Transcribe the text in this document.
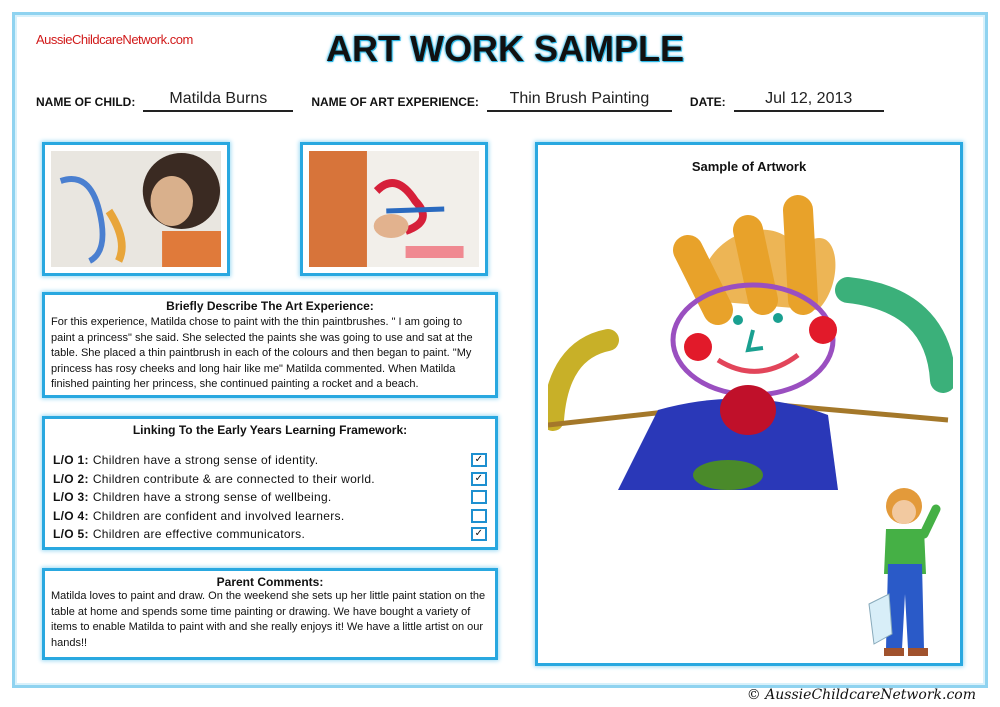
AussieChildcareNetwork.com	ART WORK SAMPLE
NAME OF CHILD:	Matilda Burns	NAME OF ART EXPERIENCE:	Thin Brush Painting	DATE:	Jul 12, 2013
Briefly Describe The Art Experience:
For this experience, Matilda chose to paint with the thin paintbrushes. " I am going to paint a princess" she said. She selected the paints she was going to use and sat at the table. She placed a thin paintbrush in each of the colours and then began to paint. "My princess has rosy cheeks and long hair like me" Matilda commented. When Matilda finished painting her princess, she continued painting a rocket and a beach.
Linking To the Early Years Learning Framework:
L/O 1: Children have a strong sense of identity.	✓
L/O 2: Children contribute & are connected to their world.	✓
L/O 3: Children have a strong sense of wellbeing.
L/O 4: Children are confident and involved learners.
L/O 5: Children are effective communicators.	✓
Parent Comments:
Matilda loves to paint and draw. On the weekend she sets up her little paint station on the table at home and spends some time painting or drawing. We have bought a variety of items to enable Matilda to paint with and she really enjoys it! We have a little artist on our hands!!
Sample of Artwork
© AussieChildcareNetwork.com
